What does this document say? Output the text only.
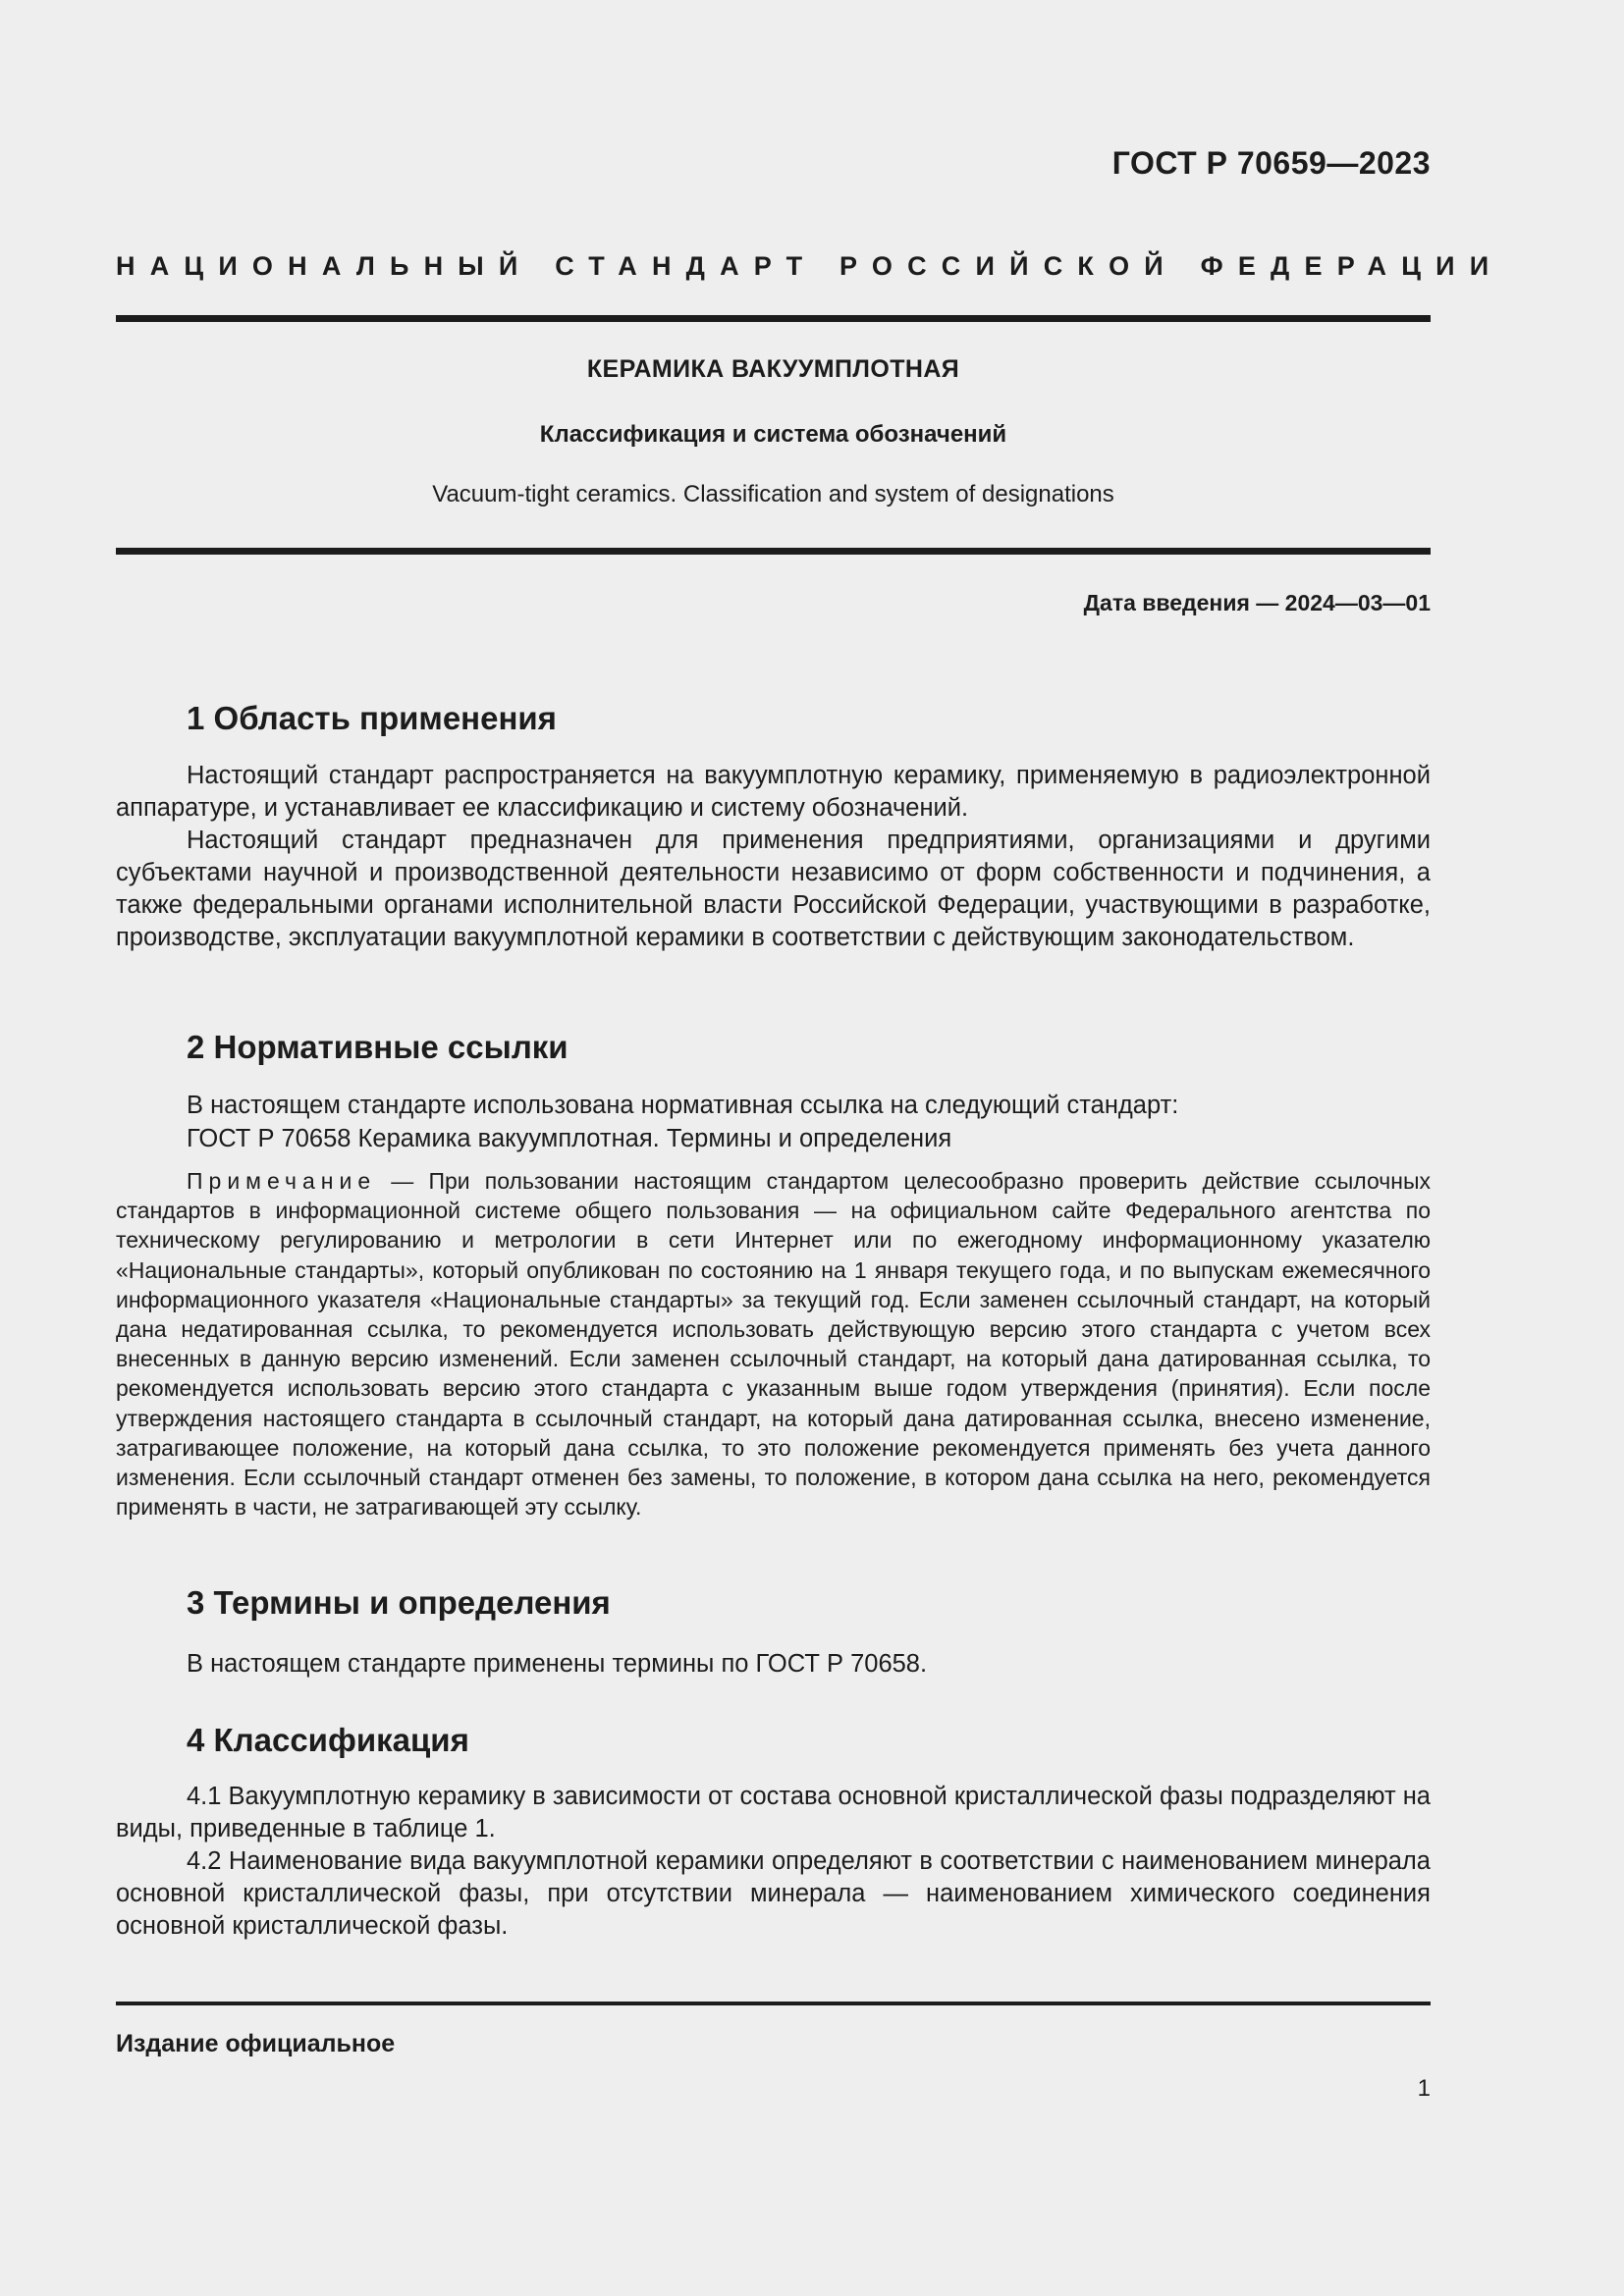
ГОСТ Р 70659—2023
НАЦИОНАЛЬНЫЙ СТАНДАРТ РОССИЙСКОЙ ФЕДЕРАЦИИ
КЕРАМИКА ВАКУУМПЛОТНАЯ
Классификация и система обозначений
Vacuum-tight ceramics. Classification and system of designations
Дата введения — 2024—03—01
1 Область применения

Настоящий стандарт распространяется на вакуумплотную керамику, применяемую в радиоэлектронной аппаратуре, и устанавливает ее классификацию и систему обозначений.

Настоящий стандарт предназначен для применения предприятиями, организациями и другими субъектами научной и производственной деятельности независимо от форм собственности и подчинения, а также федеральными органами исполнительной власти Российской Федерации, участвующими в разработке, производстве, эксплуатации вакуумплотной керамики в соответствии с действующим законодательством.

2 Нормативные ссылки

В настоящем стандарте использована нормативная ссылка на следующий стандарт:

ГОСТ Р 70658 Керамика вакуумплотная. Термины и определения

Примечание — При пользовании настоящим стандартом целесообразно проверить действие ссылочных стандартов в информационной системе общего пользования — на официальном сайте Федерального агентства по техническому регулированию и метрологии в сети Интернет или по ежегодному информационному указателю «Национальные стандарты», который опубликован по состоянию на 1 января текущего года, и по выпускам ежемесячного информационного указателя «Национальные стандарты» за текущий год. Если заменен ссылочный стандарт, на который дана недатированная ссылка, то рекомендуется использовать действующую версию этого стандарта с учетом всех внесенных в данную версию изменений. Если заменен ссылочный стандарт, на который дана датированная ссылка, то рекомендуется использовать версию этого стандарта с указанным выше годом утверждения (принятия). Если после утверждения настоящего стандарта в ссылочный стандарт, на который дана датированная ссылка, внесено изменение, затрагивающее положение, на который дана ссылка, то это положение рекомендуется применять без учета данного изменения. Если ссылочный стандарт отменен без замены, то положение, в котором дана ссылка на него, рекомендуется применять в части, не затрагивающей эту ссылку.

3 Термины и определения

В настоящем стандарте применены термины по ГОСТ Р 70658.

4 Классификация

4.1 Вакуумплотную керамику в зависимости от состава основной кристаллической фазы подразделяют на виды, приведенные в таблице 1.

4.2 Наименование вида вакуумплотной керамики определяют в соответствии с наименованием минерала основной кристаллической фазы, при отсутствии минерала — наименованием химического соединения основной кристаллической фазы.

Издание официальное
1
